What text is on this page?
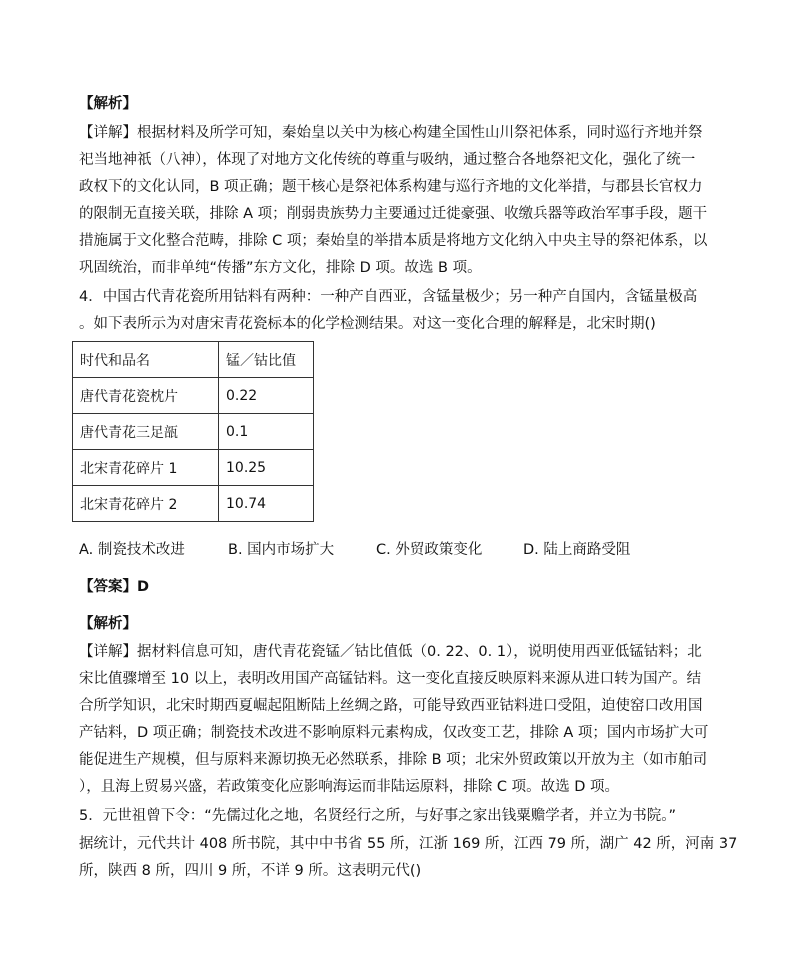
【解析】
【详解】根据材料及所学可知，秦始皇以关中为核心构建全国性山川祭祀体系，同时巡行齐地并祭
祀当地神祇（八神），体现了对地方文化传统的尊重与吸纳，通过整合各地祭祀文化，强化了统一
政权下的文化认同，B 项正确；题干核心是祭祀体系构建与巡行齐地的文化举措，与郡县长官权力
的限制无直接关联，排除 A 项；削弱贵族势力主要通过迁徙豪强、收缴兵器等政治军事手段，题干
措施属于文化整合范畴，排除 C 项；秦始皇的举措本质是将地方文化纳入中央主导的祭祀体系，以
巩固统治，而非单纯“传播”东方文化，排除 D 项。故选 B 项。
4．中国古代青花瓷所用钴料有两种：一种产自西亚，含锰量极少；另一种产自国内，含锰量极高
。如下表所示为对唐宋青花瓷标本的化学检测结果。对这一变化合理的解释是，北宋时期()
时代和品名	锰／钴比值
唐代青花瓷枕片	0.22
唐代青花三足瓿	0.1
北宋青花碎片 1	10.25
北宋青花碎片 2	10.74
A. 制瓷技术改进	B. 国内市场扩大	C. 外贸政策变化	D. 陆上商路受阻
【答案】D
【解析】
【详解】据材料信息可知，唐代青花瓷锰／钴比值低（0. 22、0. 1），说明使用西亚低锰钴料；北
宋比值骤增至 10 以上，表明改用国产高锰钴料。这一变化直接反映原料来源从进口转为国产。结
合所学知识，北宋时期西夏崛起阻断陆上丝绸之路，可能导致西亚钴料进口受阻，迫使窑口改用国
产钴料，D 项正确；制瓷技术改进不影响原料元素构成，仅改变工艺，排除 A 项；国内市场扩大可
能促进生产规模，但与原料来源切换无必然联系，排除 B 项；北宋外贸政策以开放为主（如市舶司
），且海上贸易兴盛，若政策变化应影响海运而非陆运原料，排除 C 项。故选 D 项。
5．元世祖曾下令：“先儒过化之地，名贤经行之所，与好事之家出钱粟赡学者，并立为书院。”
据统计，元代共计 408 所书院，其中中书省 55 所，江浙 169 所，江西 79 所，湖广 42 所，河南 37
所，陕西 8 所，四川 9 所，不详 9 所。这表明元代()
